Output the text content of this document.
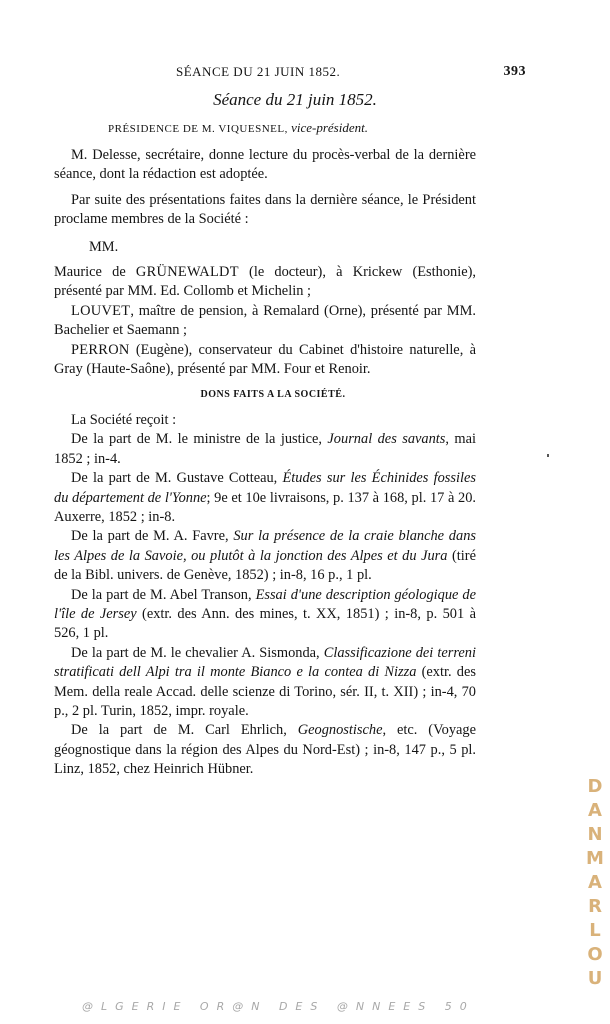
SÉANCE DU 21 JUIN 1852.	393
Séance du 21 juin 1852.
PRÉSIDENCE DE M. VIQUESNEL, vice-président.

M. Delesse, secrétaire, donne lecture du procès-verbal de la dernière séance, dont la rédaction est adoptée.

Par suite des présentations faites dans la dernière séance, le Président proclame membres de la Société :

MM.

Maurice de GRÜNEWALDT (le docteur), à Krickew (Esthonie), présenté par MM. Ed. Collomb et Michelin ;

LOUVET, maître de pension, à Remalard (Orne), présenté par MM. Bachelier et Saemann ;

PERRON (Eugène), conservateur du Cabinet d'histoire naturelle, à Gray (Haute-Saône), présenté par MM. Four et Renoir.

DONS FAITS A LA SOCIÉTÉ.

La Société reçoit :

De la part de M. le ministre de la justice, Journal des savants, mai 1852 ; in-4.

De la part de M. Gustave Cotteau, Études sur les Échinides fossiles du département de l'Yonne; 9e et 10e livraisons, p. 137 à 168, pl. 17 à 20. Auxerre, 1852 ; in-8.

De la part de M. A. Favre, Sur la présence de la craie blanche dans les Alpes de la Savoie, ou plutôt à la jonction des Alpes et du Jura (tiré de la Bibl. univers. de Genève, 1852) ; in-8, 16 p., 1 pl.

De la part de M. Abel Transon, Essai d'une description géologique de l'île de Jersey (extr. des Ann. des mines, t. XX, 1851) ; in-8, p. 501 à 526, 1 pl.

De la part de M. le chevalier A. Sismonda, Classificazione dei terreni stratificati dell Alpi tra il monte Bianco e la contea di Nizza (extr. des Mem. della reale Accad. delle scienze di Torino, sér. II, t. XII) ; in-4, 70 p., 2 pl. Turin, 1852, impr. royale.

De la part de M. Carl Ehrlich, Geognostische, etc. (Voyage géognostique dans la région des Alpes du Nord-Est) ; in-8, 147 p., 5 pl. Linz, 1852, chez Heinrich Hübner.

D
A
N
M
A
R
L
O
U
@LGERIE OR@N DES @NNEES 50
